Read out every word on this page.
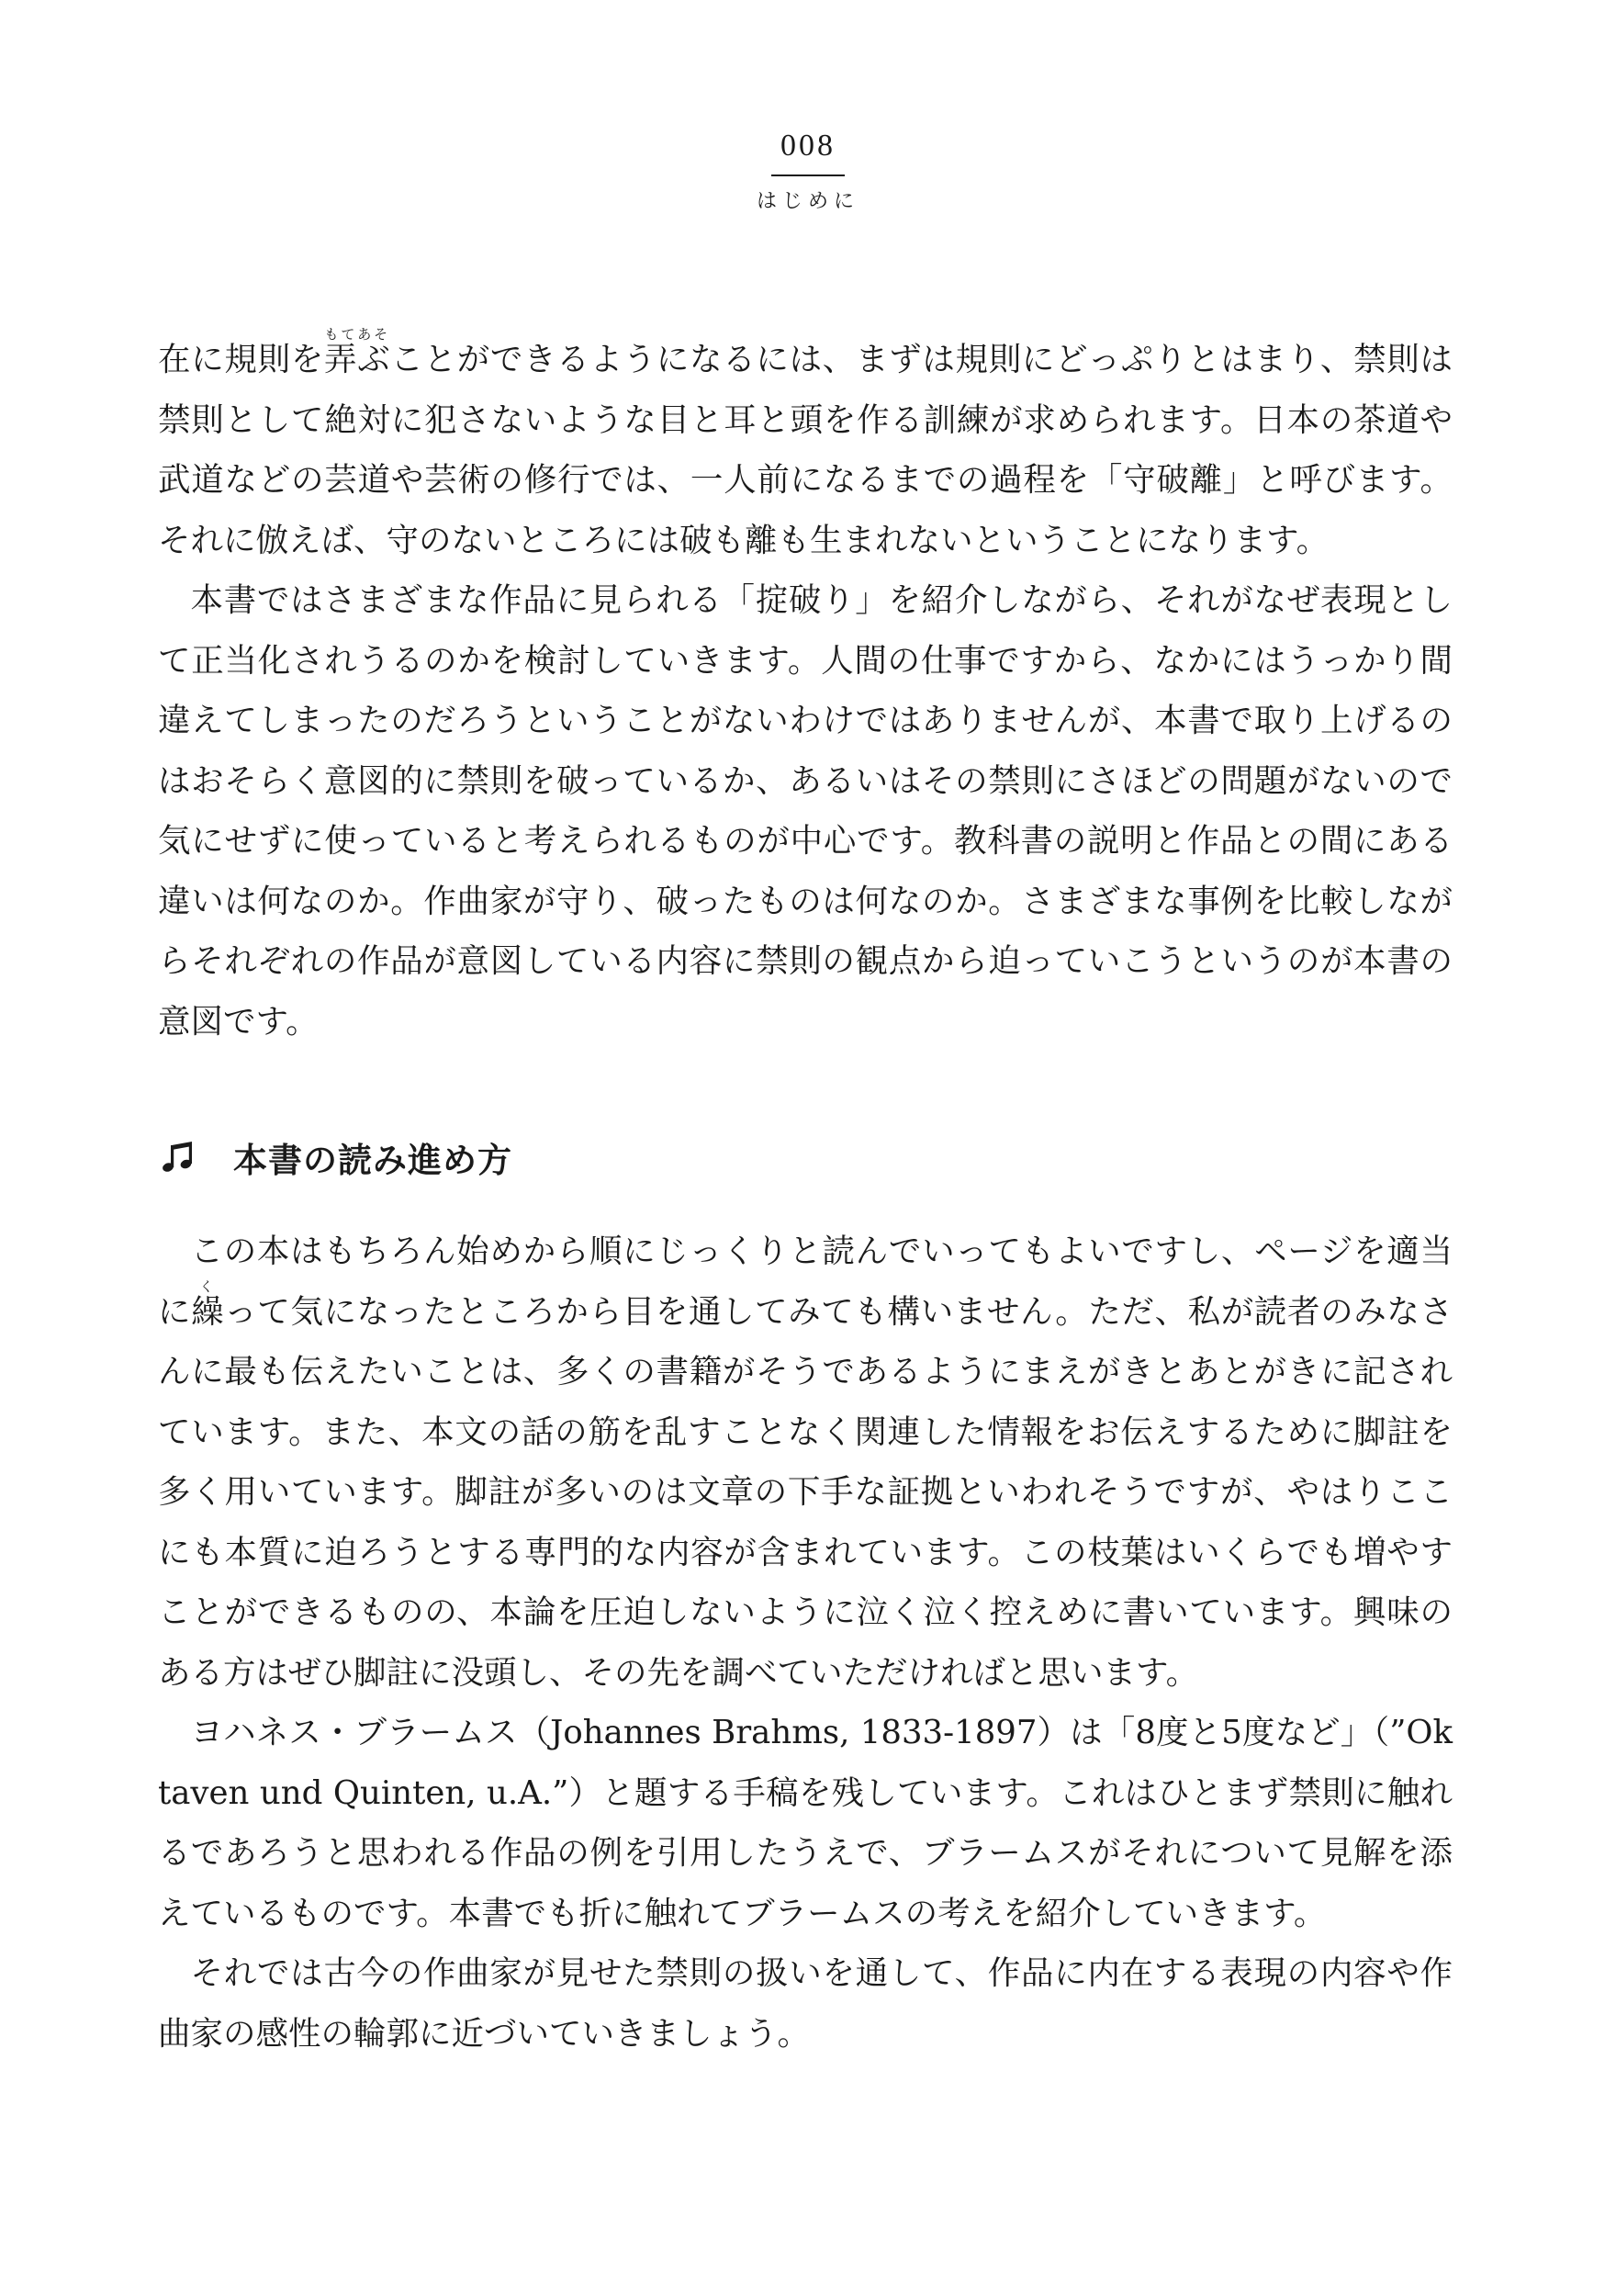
008
はじめに

在に規則を弄ぶもてあそことができるようになるには、まずは規則にどっぷりとはまり、禁則は禁則として絶対に犯さないような目と耳と頭を作る訓練が求められます。日本の茶道や武道などの芸道や芸術の修行では、一人前になるまでの過程を「守破離」と呼びます。それに倣えば、守のないところには破も離も生まれないということになります。

本書ではさまざまな作品に見られる「掟破り」を紹介しながら、それがなぜ表現として正当化されうるのかを検討していきます。人間の仕事ですから、なかにはうっかり間違えてしまったのだろうということがないわけではありませんが、本書で取り上げるのはおそらく意図的に禁則を破っているか、あるいはその禁則にさほどの問題がないので気にせずに使っていると考えられるものが中心です。教科書の説明と作品との間にある違いは何なのか。作曲家が守り、破ったものは何なのか。さまざまな事例を比較しながらそれぞれの作品が意図している内容に禁則の観点から迫っていこうというのが本書の意図です。

本書の読み進め方

この本はもちろん始めから順にじっくりと読んでいってもよいですし、ページを適当に繰くって気になったところから目を通してみても構いません。ただ、私が読者のみなさんに最も伝えたいことは、多くの書籍がそうであるようにまえがきとあとがきに記されています。また、本文の話の筋を乱すことなく関連した情報をお伝えするために脚註を多く用いています。脚註が多いのは文章の下手な証拠といわれそうですが、やはりここにも本質に迫ろうとする専門的な内容が含まれています。この枝葉はいくらでも増やすことができるものの、本論を圧迫しないように泣く泣く控えめに書いています。興味のある方はぜひ脚註に没頭し、その先を調べていただければと思います。

ヨハネス・ブラームス（Johannes Brahms, 1833-1897）は「8度と5度など」（”Oktaven und Quinten, u.A.”）と題する手稿を残しています。これはひとまず禁則に触れるであろうと思われる作品の例を引用したうえで、ブラームスがそれについて見解を添えているものです。本書でも折に触れてブラームスの考えを紹介していきます。

それでは古今の作曲家が見せた禁則の扱いを通して、作品に内在する表現の内容や作曲家の感性の輪郭に近づいていきましょう。
